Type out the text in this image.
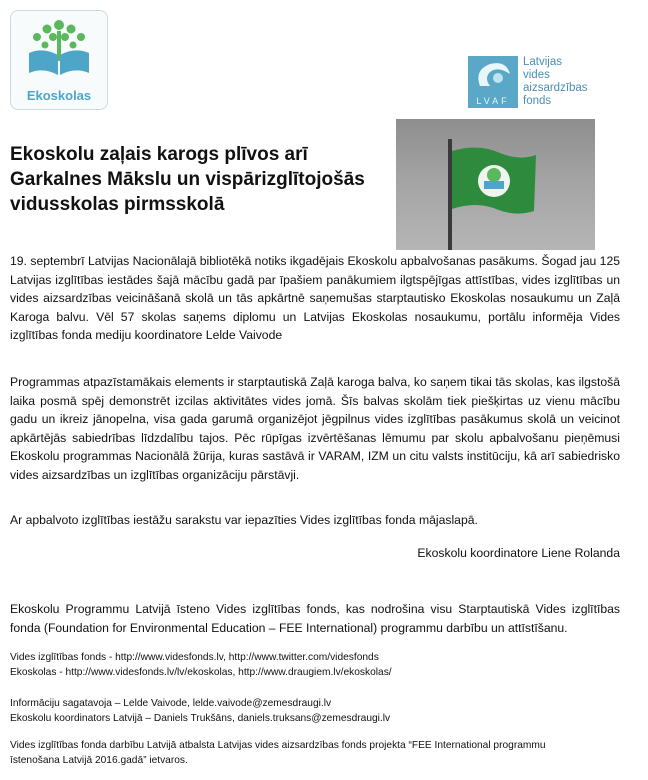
Ekoskolas	LVAF
Latvijas
vides
aizsardzības
fonds
Ekoskolu zaļais karogs plīvos arī
Garkalnes Mākslu un vispārizglītojošās
vidusskolas pirmsskolā
19. septembrī Latvijas Nacionālajā bibliotēkā notiks ikgadējais Ekoskolu apbalvošanas pasākums. Šogad jau 125 Latvijas izglītības iestādes šajā mācību gadā par īpašiem panākumiem ilgtspējīgas attīstības, vides izglītības un vides aizsardzības veicināšanā skolā un tās apkārtnē saņemušas starptautisko Ekoskolas nosaukumu un Zaļā Karoga balvu. Vēl 57 skolas saņems diplomu un Latvijas Ekoskolas nosaukumu, portālu informēja Vides izglītības fonda mediju koordinatore Lelde Vaivode
Programmas atpazīstamākais elements ir starptautiskā Zaļā karoga balva, ko saņem tikai tās skolas, kas ilgstošā laika posmā spēj demonstrēt izcilas aktivitātes vides jomā. Šīs balvas skolām tiek piešķirtas uz vienu mācību gadu un ikreiz jānopelna, visa gada garumā organizējot jēgpilnus vides izglītības pasākumus skolā un veicinot apkārtējās sabiedrības līdzdalību tajos. Pēc rūpīgas izvērtēšanas lēmumu par skolu apbalvošanu pieņēmusi Ekoskolu programmas Nacionālā žūrija, kuras sastāvā ir VARAM, IZM un citu valsts institūciju, kā arī sabiedrisko vides aizsardzības un izglītības organizāciju pārstāvji.
Ar apbalvoto izglītības iestāžu sarakstu var iepazīties Vides izglītības fonda mājaslapā.
Ekoskolu koordinatore Liene Rolanda
Ekoskolu Programmu Latvijā īsteno Vides izglītības fonds, kas nodrošina visu Starptautiskā Vides izglītības fonda (Foundation for Environmental Education – FEE International) programmu darbību un attīstīšanu.
Vides izglītības fonds - http://www.videsfonds.lv, http://www.twitter.com/videsfonds
Ekoskolas - http://www.videsfonds.lv/lv/ekoskolas, http://www.draugiem.lv/ekoskolas/
Informāciju sagatavoja – Lelde Vaivode, lelde.vaivode@zemesdraugi.lv
Ekoskolu koordinators Latvijā – Daniels Trukšāns, daniels.truksans@zemesdraugi.lv
Vides izglītības fonda darbību Latvijā atbalsta Latvijas vides aizsardzības fonds projekta “FEE International programmu
īstenošana Latvijā 2016.gadā” ietvaros.
